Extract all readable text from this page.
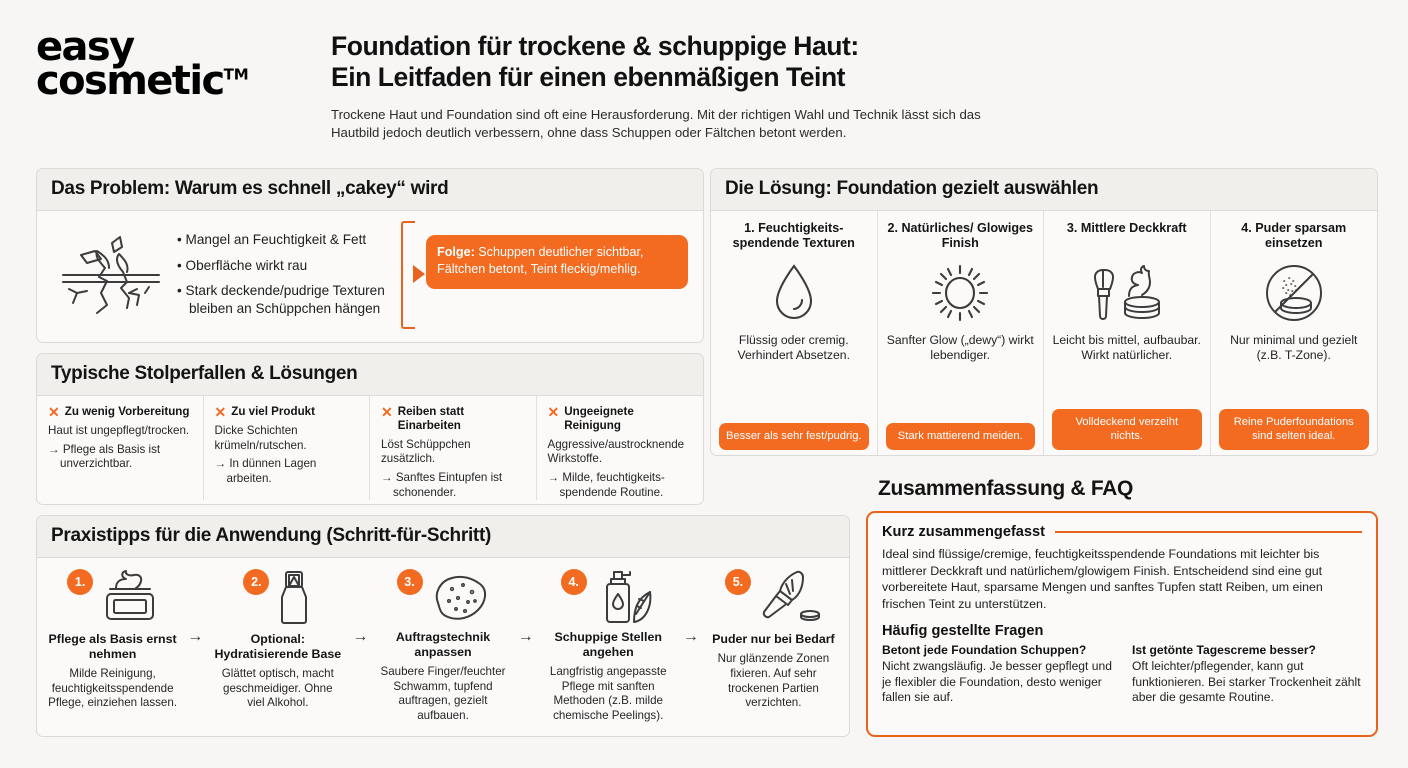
easy
cosmetic™
Foundation für trockene & schuppige Haut:
Ein Leitfaden für einen ebenmäßigen Teint
Trockene Haut und Foundation sind oft eine Herausforderung. Mit der richtigen Wahl und Technik lässt sich das Hautbild jedoch deutlich verbessern, ohne dass Schuppen oder Fältchen betont werden.
Das Problem: Warum es schnell „cakey“ wird
• Mangel an Feuchtigkeit & Fett
• Oberfläche wirkt rau
• Stark deckende/pudrige Texturen bleiben an Schüppchen hängen
Folge: Schuppen deutlicher sichtbar, Fältchen betont, Teint fleckig/mehlig.
Typische Stolperfallen & Lösungen
✕ Zu wenig Vorbereitung
Haut ist ungepflegt/trocken.
→ Pflege als Basis ist unverzichtbar.
✕ Zu viel Produkt
Dicke Schichten krümeln/rutschen.
→ In dünnen Lagen arbeiten.
✕ Reiben statt Einarbeiten
Löst Schüppchen zusätzlich.
→ Sanftes Eintupfen ist schonender.
✕ Ungeeignete Reinigung
Aggressive/austrocknende Wirkstoffe.
→ Milde, feuchtigkeits-spendende Routine.
Die Lösung: Foundation gezielt auswählen
1. Feuchtigkeits-spendende Texturen
Flüssig oder cremig. Verhindert Absetzen.
Besser als sehr fest/pudrig.
2. Natürliches/ Glowiges Finish
Sanfter Glow („dewy“) wirkt lebendiger.
Stark mattierend meiden.
3. Mittlere Deckkraft
Leicht bis mittel, aufbaubar. Wirkt natürlicher.
Volldeckend verzeiht nichts.
4. Puder sparsam einsetzen
Nur minimal und gezielt (z.B. T-Zone).
Reine Puderfoundations sind selten ideal.
Praxistipps für die Anwendung (Schritt-für-Schritt)
1.
Pflege als Basis ernst nehmen
Milde Reinigung, feuchtigkeitsspendende Pflege, einziehen lassen.
→
2.
Optional: Hydratisierende Base
Glättet optisch, macht geschmeidiger. Ohne viel Alkohol.
→
3.
Auftragstechnik anpassen
Saubere Finger/feuchter Schwamm, tupfend auftragen, gezielt aufbauen.
→
4.
Schuppige Stellen angehen
Langfristig angepasste Pflege mit sanften Methoden (z.B. milde chemische Peelings).
→
5.
Puder nur bei Bedarf
Nur glänzende Zonen fixieren. Auf sehr trockenen Partien verzichten.
Zusammenfassung & FAQ
Kurz zusammengefasst
Ideal sind flüssige/cremige, feuchtigkeitsspendende Foundations mit leichter bis mittlerer Deckkraft und natürlichem/glowigem Finish. Entscheidend sind eine gut vorbereitete Haut, sparsame Mengen und sanftes Tupfen statt Reiben, um einen frischen Teint zu unterstützen.
Häufig gestellte Fragen
Betont jede Foundation Schuppen?
Nicht zwangsläufig. Je besser gepflegt und je flexibler die Foundation, desto weniger fallen sie auf.
Ist getönte Tagescreme besser?
Oft leichter/pflegender, kann gut funktionieren. Bei starker Trockenheit zählt aber die gesamte Routine.
